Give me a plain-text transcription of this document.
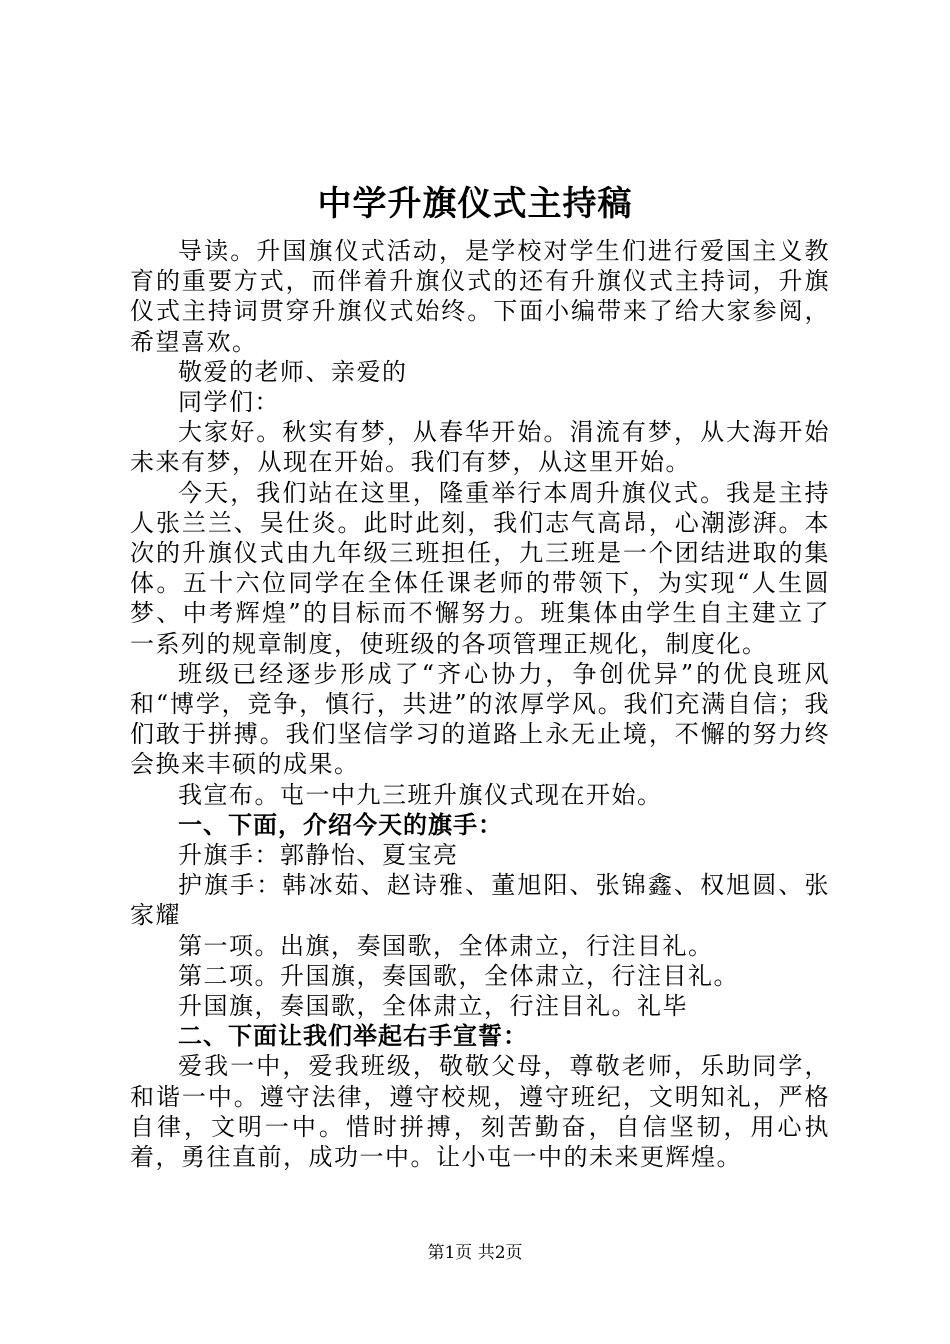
中学升旗仪式主持稿

导读。升国旗仪式活动，是学校对学生们进行爱国主义教育的重要方式，而伴着升旗仪式的还有升旗仪式主持词，升旗仪式主持词贯穿升旗仪式始终。下面小编带来了给大家参阅，希望喜欢。

敬爱的老师、亲爱的

同学们：

大家好。秋实有梦，从春华开始。涓流有梦，从大海开始未来有梦，从现在开始。我们有梦，从这里开始。

今天，我们站在这里，隆重举行本周升旗仪式。我是主持人张兰兰、吴仕炎。此时此刻，我们志气高昂，心潮澎湃。本次的升旗仪式由九年级三班担任，九三班是一个团结进取的集体。五十六位同学在全体任课老师的带领下，为实现“人生圆梦、中考辉煌”的目标而不懈努力。班集体由学生自主建立了一系列的规章制度，使班级的各项管理正规化，制度化。

班级已经逐步形成了“齐心协力，争创优异”的优良班风和“博学，竞争，慎行，共进”的浓厚学风。我们充满自信；我们敢于拼搏。我们坚信学习的道路上永无止境，不懈的努力终会换来丰硕的成果。

我宣布。屯一中九三班升旗仪式现在开始。

一、下面，介绍今天的旗手：

升旗手：郭静怡、夏宝亮

护旗手：韩冰茹、赵诗雅、董旭阳、张锦鑫、权旭圆、张家耀

第一项。出旗，奏国歌，全体肃立，行注目礼。

第二项。升国旗，奏国歌，全体肃立，行注目礼。

升国旗，奏国歌，全体肃立，行注目礼。礼毕

二、下面让我们举起右手宣誓：

爱我一中，爱我班级，敬敬父母，尊敬老师，乐助同学，和谐一中。遵守法律，遵守校规，遵守班纪，文明知礼，严格自律，文明一中。惜时拼搏，刻苦勤奋，自信坚韧，用心执着，勇往直前，成功一中。让小屯一中的未来更辉煌。

第1页 共2页
